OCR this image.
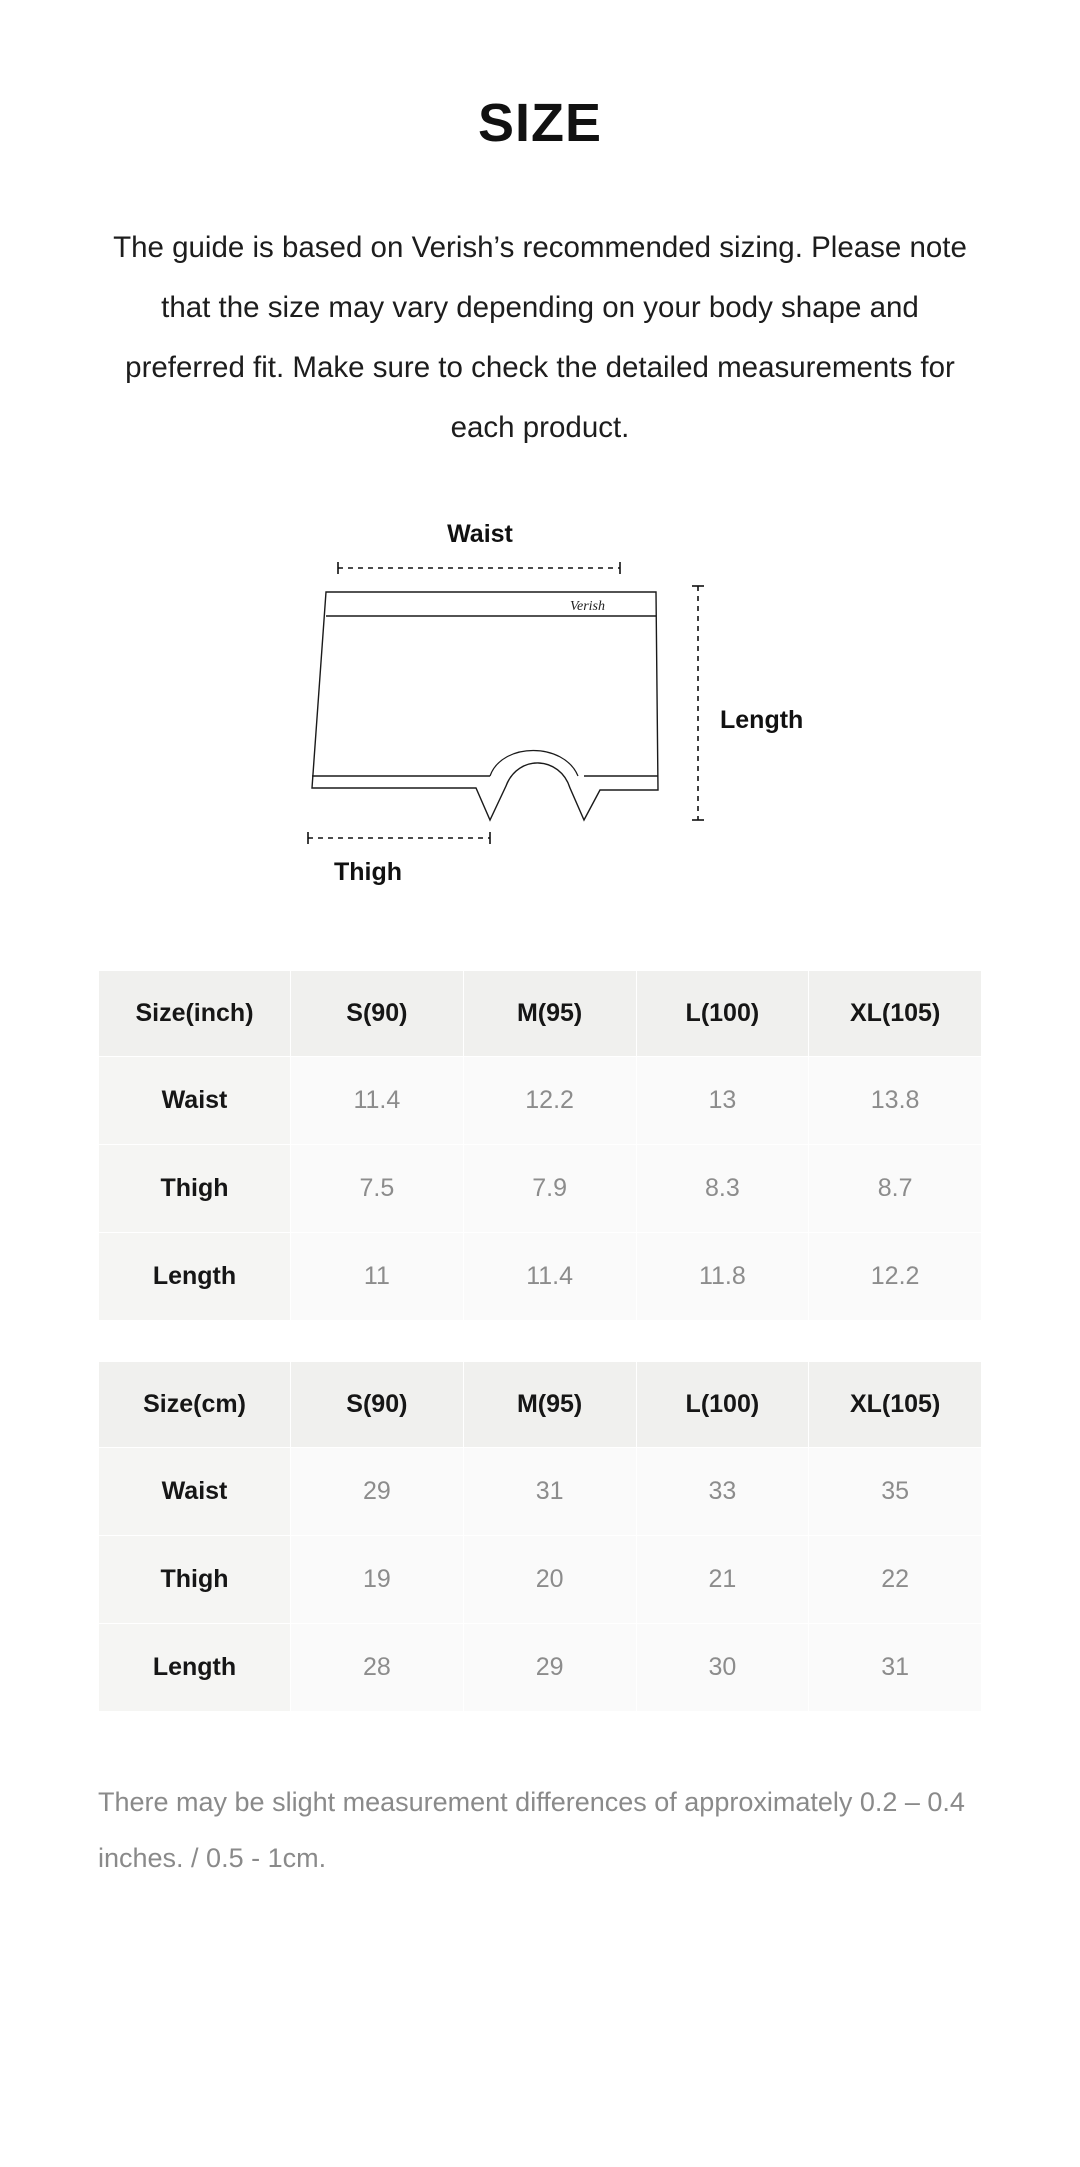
SIZE

The guide is based on Verish’s recommended sizing. Please note that the size may vary depending on your body shape and preferred fit. Make sure to check the detailed measurements for each product.

Waist
Verish
Length
Thigh
Size(inch)	S(90)	M(95)	L(100)	XL(105)
Waist	11.4	12.2	13	13.8
Thigh	7.5	7.9	8.3	8.7
Length	11	11.4	11.8	12.2
Size(cm)	S(90)	M(95)	L(100)	XL(105)
Waist	29	31	33	35
Thigh	19	20	21	22
Length	28	29	30	31

There may be slight measurement differences of approximately 0.2 – 0.4 inches. / 0.5 - 1cm.
